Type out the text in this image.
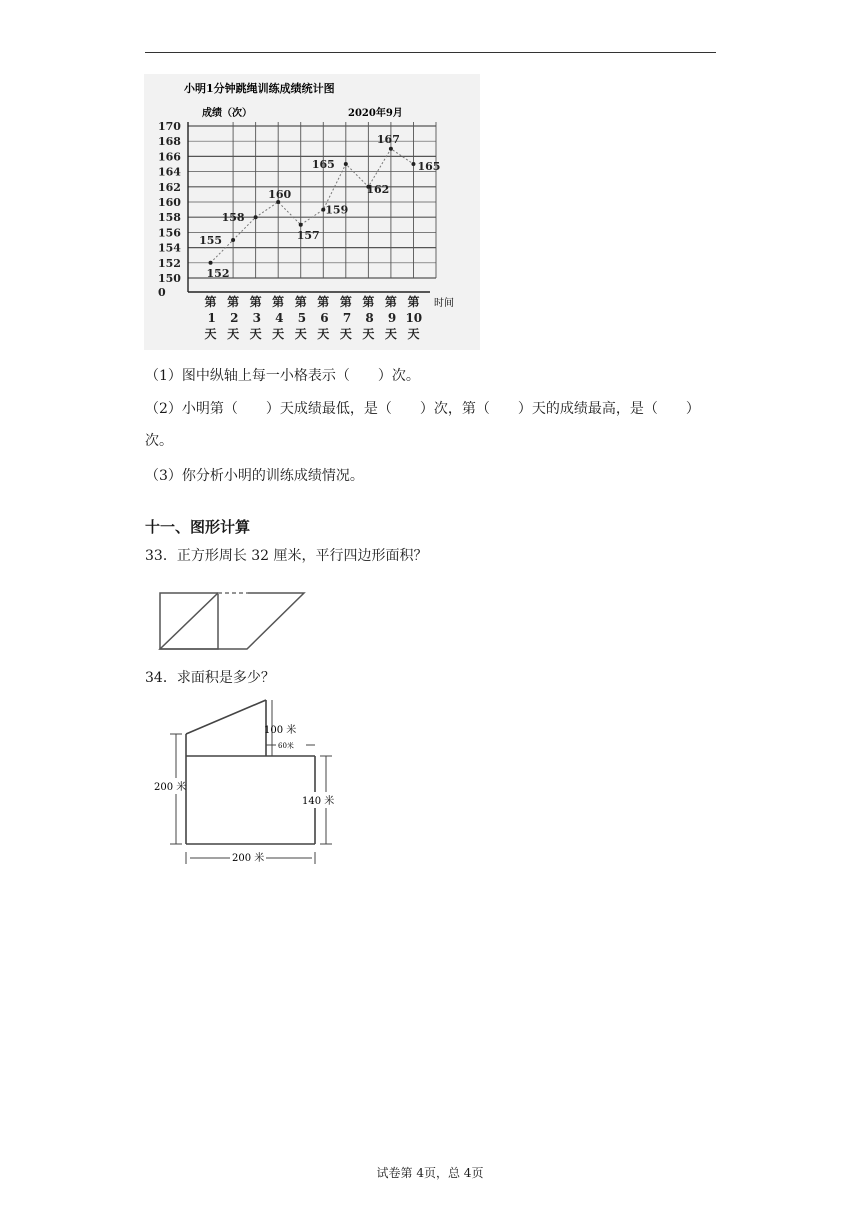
小明1分钟跳绳训练成绩统计图
成绩（次）	2020年9月
时间
170
168
166
164
162
160
158
156
154
152
150
0
第
1
天
第
2
天
第
3
天
第
4
天
第
5
天
第
6
天
第
7
天
第
8
天
第
9
天
第
10
天
152
155
158
160
157
159
165
162
167
165
（1）图中纵轴上每一小格表示（　　）次。
（2）小明第（　　）天成绩最低，是（　　）次，第（　　）天的成绩最高，是（　　）
次。
（3）你分析小明的训练成绩情况。
十一、图形计算
33．正方形周长 32 厘米，平行四边形面积？
34．求面积是多少？
200 米
140 米
100 米
60米
200 米
试卷第 4页，总 4页
